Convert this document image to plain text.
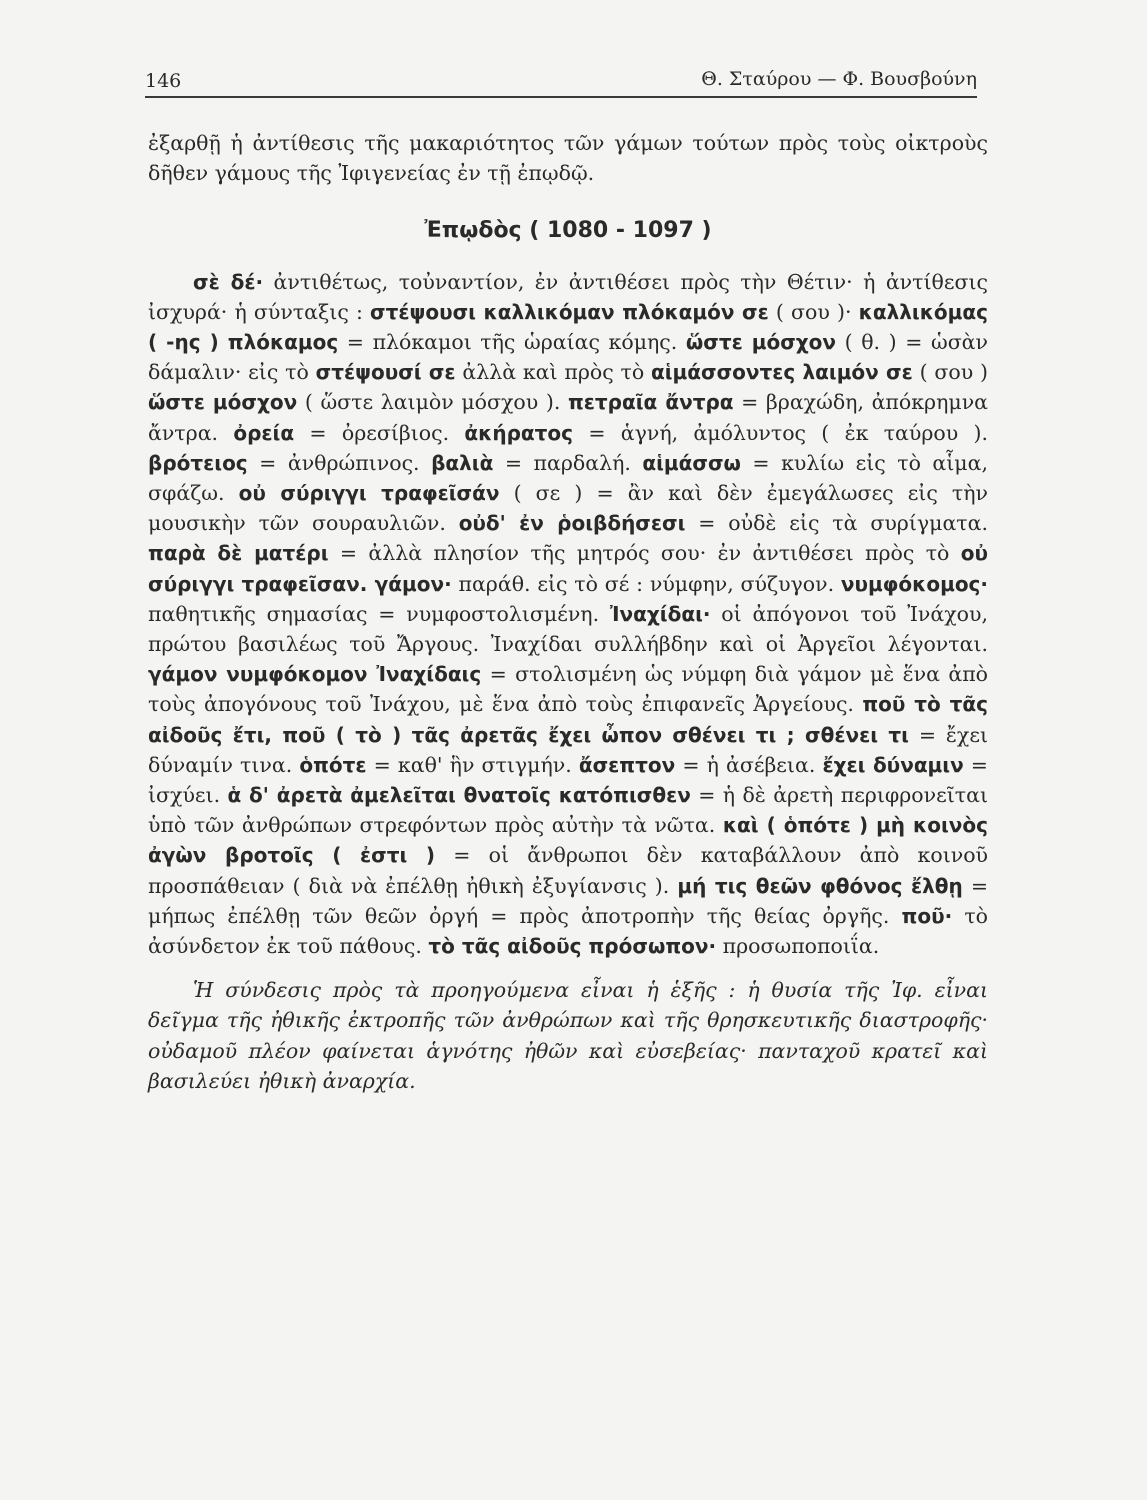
146	Θ. Σταύρου — Φ. Βουσβούνη

ἐξαρθῇ ἡ ἀντίθεσις τῆς μακαριότητος τῶν γάμων τούτων πρὸς τοὺς οἰκτροὺς δῆθεν γάμους τῆς Ἰφιγενείας ἐν τῇ ἐπῳδῷ.

Ἐπῳδὸς ( 1080 - 1097 )

σὲ δέ· ἀντιθέτως, τοὐναντίον, ἐν ἀντιθέσει πρὸς τὴν Θέτιν· ἡ ἀντίθεσις ἰσχυρά· ἡ σύνταξις : στέψουσι καλλικόμαν πλόκαμόν σε ( σου )· καλλικόμας ( -ης ) πλόκαμος = πλόκαμοι τῆς ὡραίας κόμης. ὥστε μόσχον ( θ. ) = ὡσὰν δάμαλιν· εἰς τὸ στέψουσί σε ἀλλὰ καὶ πρὸς τὸ αἱμάσσοντες λαιμόν σε ( σου ) ὥστε μόσχον ( ὥστε λαιμὸν μόσχου ). πετραῖα ἄντρα = βραχώδη, ἀπόκρημνα ἄντρα. ὀρεία = ὀρεσίβιος. ἀκήρατος = ἁγνή, ἀμόλυντος ( ἐκ ταύρου ). βρότειος = ἀνθρώπινος. βαλιὰ = παρδαλή. αἱμάσσω = κυλίω εἰς τὸ αἷμα, σφάζω. οὐ σύριγγι τραφεῖσάν ( σε ) = ἂν καὶ δὲν ἐμεγάλωσες εἰς τὴν μουσικὴν τῶν σουραυλιῶν. οὐδ' ἐν ῥοιβδήσεσι = οὐδὲ εἰς τὰ συρίγματα. παρὰ δὲ ματέρι = ἀλλὰ πλησίον τῆς μητρός σου· ἐν ἀντιθέσει πρὸς τὸ οὐ σύριγγι τραφεῖσαν. γάμον· παράθ. εἰς τὸ σέ : νύμφην, σύζυγον. νυμφόκομος· παθητικῆς σημασίας = νυμφοστολισμένη. Ἰναχίδαι· οἱ ἀπόγονοι τοῦ Ἰνάχου, πρώτου βασιλέως τοῦ Ἄργους. Ἰναχίδαι συλλήβδην καὶ οἱ Ἀργεῖοι λέγονται. γάμον νυμφόκομον Ἰναχίδαις = στολισμένη ὡς νύμφη διὰ γάμον μὲ ἕνα ἀπὸ τοὺς ἀπογόνους τοῦ Ἰνάχου, μὲ ἕνα ἀπὸ τοὺς ἐπιφανεῖς Ἀργείους. ποῦ τὸ τᾶς αἰδοῦς ἔτι, ποῦ ( τὸ ) τᾶς ἀρετᾶς ἔχει ὦπον σθένει τι ; σθένει τι = ἔχει δύναμίν τινα. ὁπότε = καθ' ἣν στιγμήν. ἄσεπτον = ἡ ἀσέβεια. ἔχει δύναμιν = ἰσχύει. ἁ δ' ἀρετὰ ἀμελεῖται θνατοῖς κατόπισθεν = ἡ δὲ ἀρετὴ περιφρονεῖται ὑπὸ τῶν ἀνθρώπων στρεφόντων πρὸς αὐτὴν τὰ νῶτα. καὶ ( ὁπότε ) μὴ κοινὸς ἀγὼν βροτοῖς ( ἐστι ) = οἱ ἄνθρωποι δὲν καταβάλλουν ἀπὸ κοινοῦ προσπάθειαν ( διὰ νὰ ἐπέλθῃ ἠθικὴ ἐξυγίανσις ). μή τις θεῶν φθόνος ἔλθῃ = μήπως ἐπέλθῃ τῶν θεῶν ὀργή = πρὸς ἀποτροπὴν τῆς θείας ὀργῆς. ποῦ· τὸ ἀσύνδετον ἐκ τοῦ πάθους. τὸ τᾶς αἰδοῦς πρόσωπον· προσωποποιΐα.

Ἡ σύνδεσις πρὸς τὰ προηγούμενα εἶναι ἡ ἑξῆς : ἡ θυσία τῆς Ἰφ. εἶναι δεῖγμα τῆς ἠθικῆς ἐκτροπῆς τῶν ἀνθρώπων καὶ τῆς θρησκευτικῆς διαστροφῆς· οὐδαμοῦ πλέον φαίνεται ἁγνότης ἠθῶν καὶ εὐσεβείας· πανταχοῦ κρατεῖ καὶ βασιλεύει ἠθικὴ ἀναρχία.
